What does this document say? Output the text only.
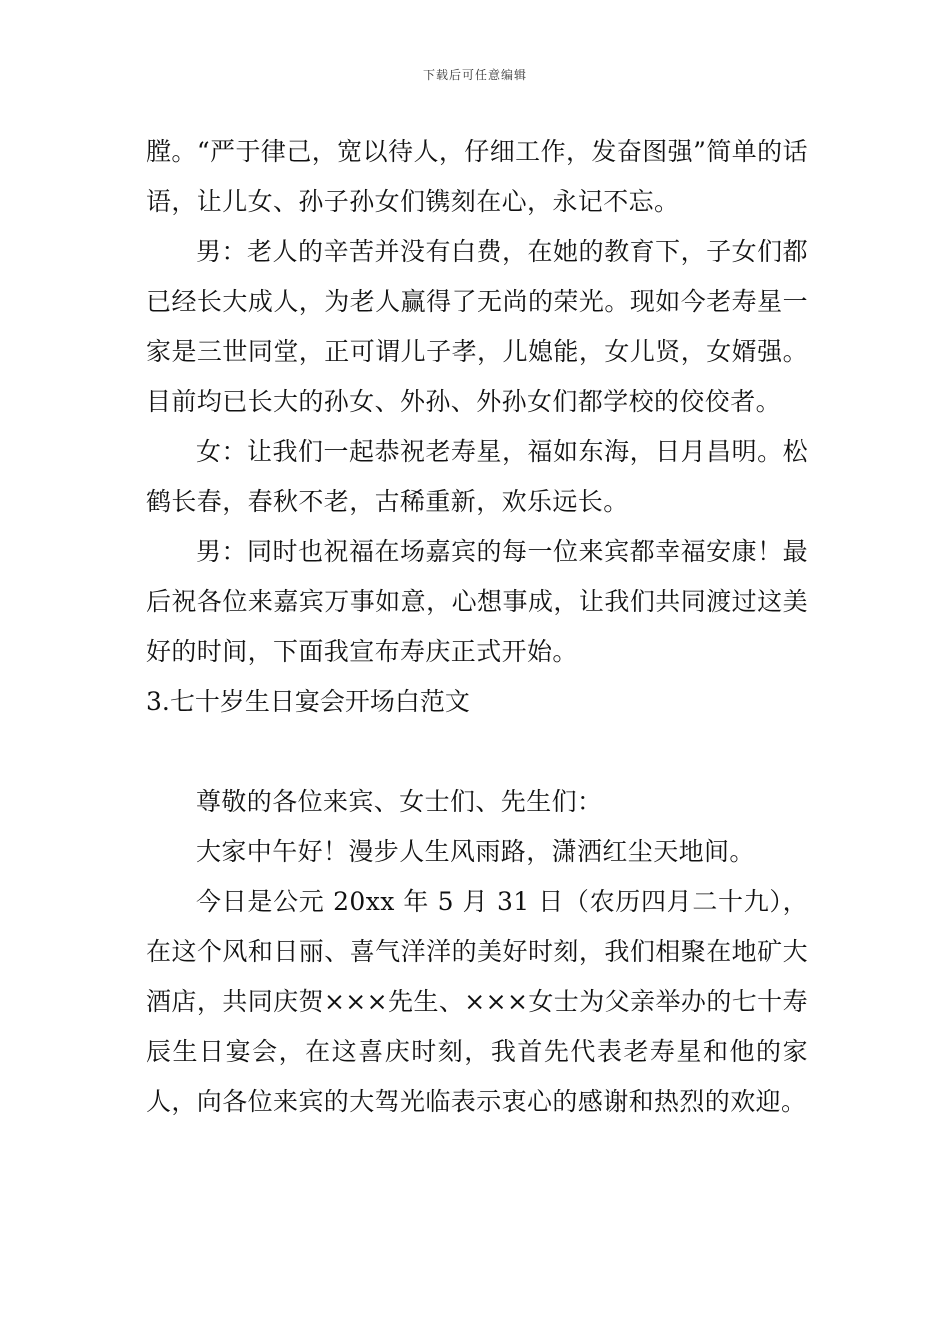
下载后可任意编辑

膛。“严于律己，宽以待人，仔细工作，发奋图强”简单的话语，让儿女、孙子孙女们镌刻在心，永记不忘。

男：老人的辛苦并没有白费，在她的教育下，子女们都已经长大成人，为老人赢得了无尚的荣光。现如今老寿星一家是三世同堂，正可谓儿子孝，儿媳能，女儿贤，女婿强。目前均已长大的孙女、外孙、外孙女们都学校的佼佼者。

女：让我们一起恭祝老寿星，福如东海，日月昌明。松鹤长春，春秋不老，古稀重新，欢乐远长。

男：同时也祝福在场嘉宾的每一位来宾都幸福安康！最后祝各位来嘉宾万事如意，心想事成，让我们共同渡过这美好的时间，下面我宣布寿庆正式开始。

3.七十岁生日宴会开场白范文

尊敬的各位来宾、女士们、先生们：

大家中午好！漫步人生风雨路，潇洒红尘天地间。

今日是公元 20xx 年 5 月 31 日（农历四月二十九），在这个风和日丽、喜气洋洋的美好时刻，我们相聚在地矿大酒店，共同庆贺×××先生、×××女士为父亲举办的七十寿辰生日宴会，在这喜庆时刻，我首先代表老寿星和他的家人，向各位来宾的大驾光临表示衷心的感谢和热烈的欢迎。
